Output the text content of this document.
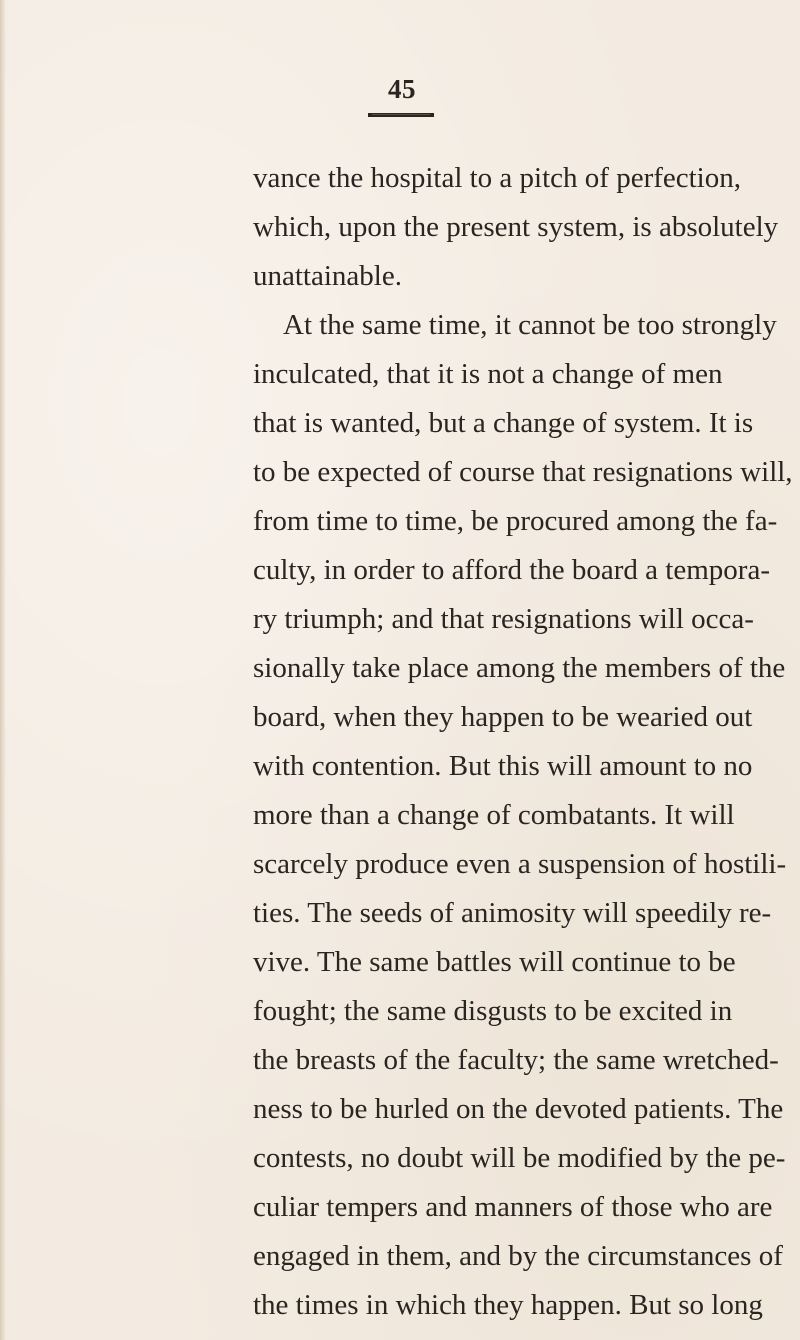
45
vance the hospital to a pitch of perfection,
which, upon the present system, is absolutely
unattainable.
At the same time, it cannot be too strongly
inculcated, that it is not a change of men
that is wanted, but a change of system. It is
to be expected of course that resignations will,
from time to time, be procured among the fa-
culty, in order to afford the board a tempora-
ry triumph; and that resignations will occa-
sionally take place among the members of the
board, when they happen to be wearied out
with contention. But this will amount to no
more than a change of combatants. It will
scarcely produce even a suspension of hostili-
ties. The seeds of animosity will speedily re-
vive. The same battles will continue to be
fought; the same disgusts to be excited in
the breasts of the faculty; the same wretched-
ness to be hurled on the devoted patients. The
contests, no doubt will be modified by the pe-
culiar tempers and manners of those who are
engaged in them, and by the circumstances of
the times in which they happen. But so long
